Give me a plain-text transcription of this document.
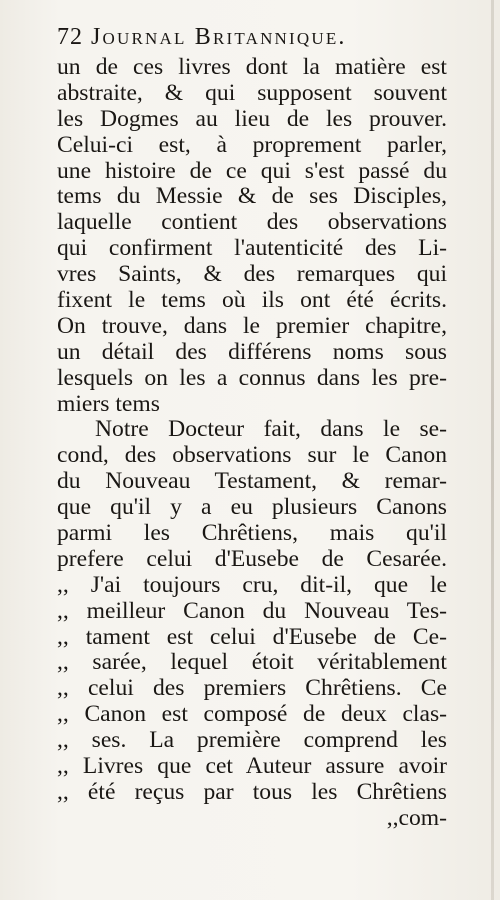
72 Journal Britannique.
un de ces livres dont la matière est
abstraite, & qui supposent souvent
les Dogmes au lieu de les prouver.
Celui-ci est, à proprement parler,
une histoire de ce qui s'est passé du
tems du Messie & de ses Disciples,
laquelle contient des observations
qui confirment l'autenticité des Li-
vres Saints, & des remarques qui
fixent le tems où ils ont été écrits.
On trouve, dans le premier chapitre,
un détail des différens noms sous
lesquels on les a connus dans les pre-
miers tems
Notre Docteur fait, dans le se-
cond, des observations sur le Canon
du Nouveau Testament, & remar-
que qu'il y a eu plusieurs Canons
parmi les Chrêtiens, mais qu'il
prefere celui d'Eusebe de Cesarée.
,, J'ai toujours cru, dit-il, que le
,, meilleur Canon du Nouveau Tes-
,, tament est celui d'Eusebe de Ce-
,, sarée, lequel étoit véritablement
,, celui des premiers Chrêtiens. Ce
,, Canon est composé de deux clas-
,, ses. La première comprend les
,, Livres que cet Auteur assure avoir
,, été reçus par tous les Chrêtiens
,,com-
